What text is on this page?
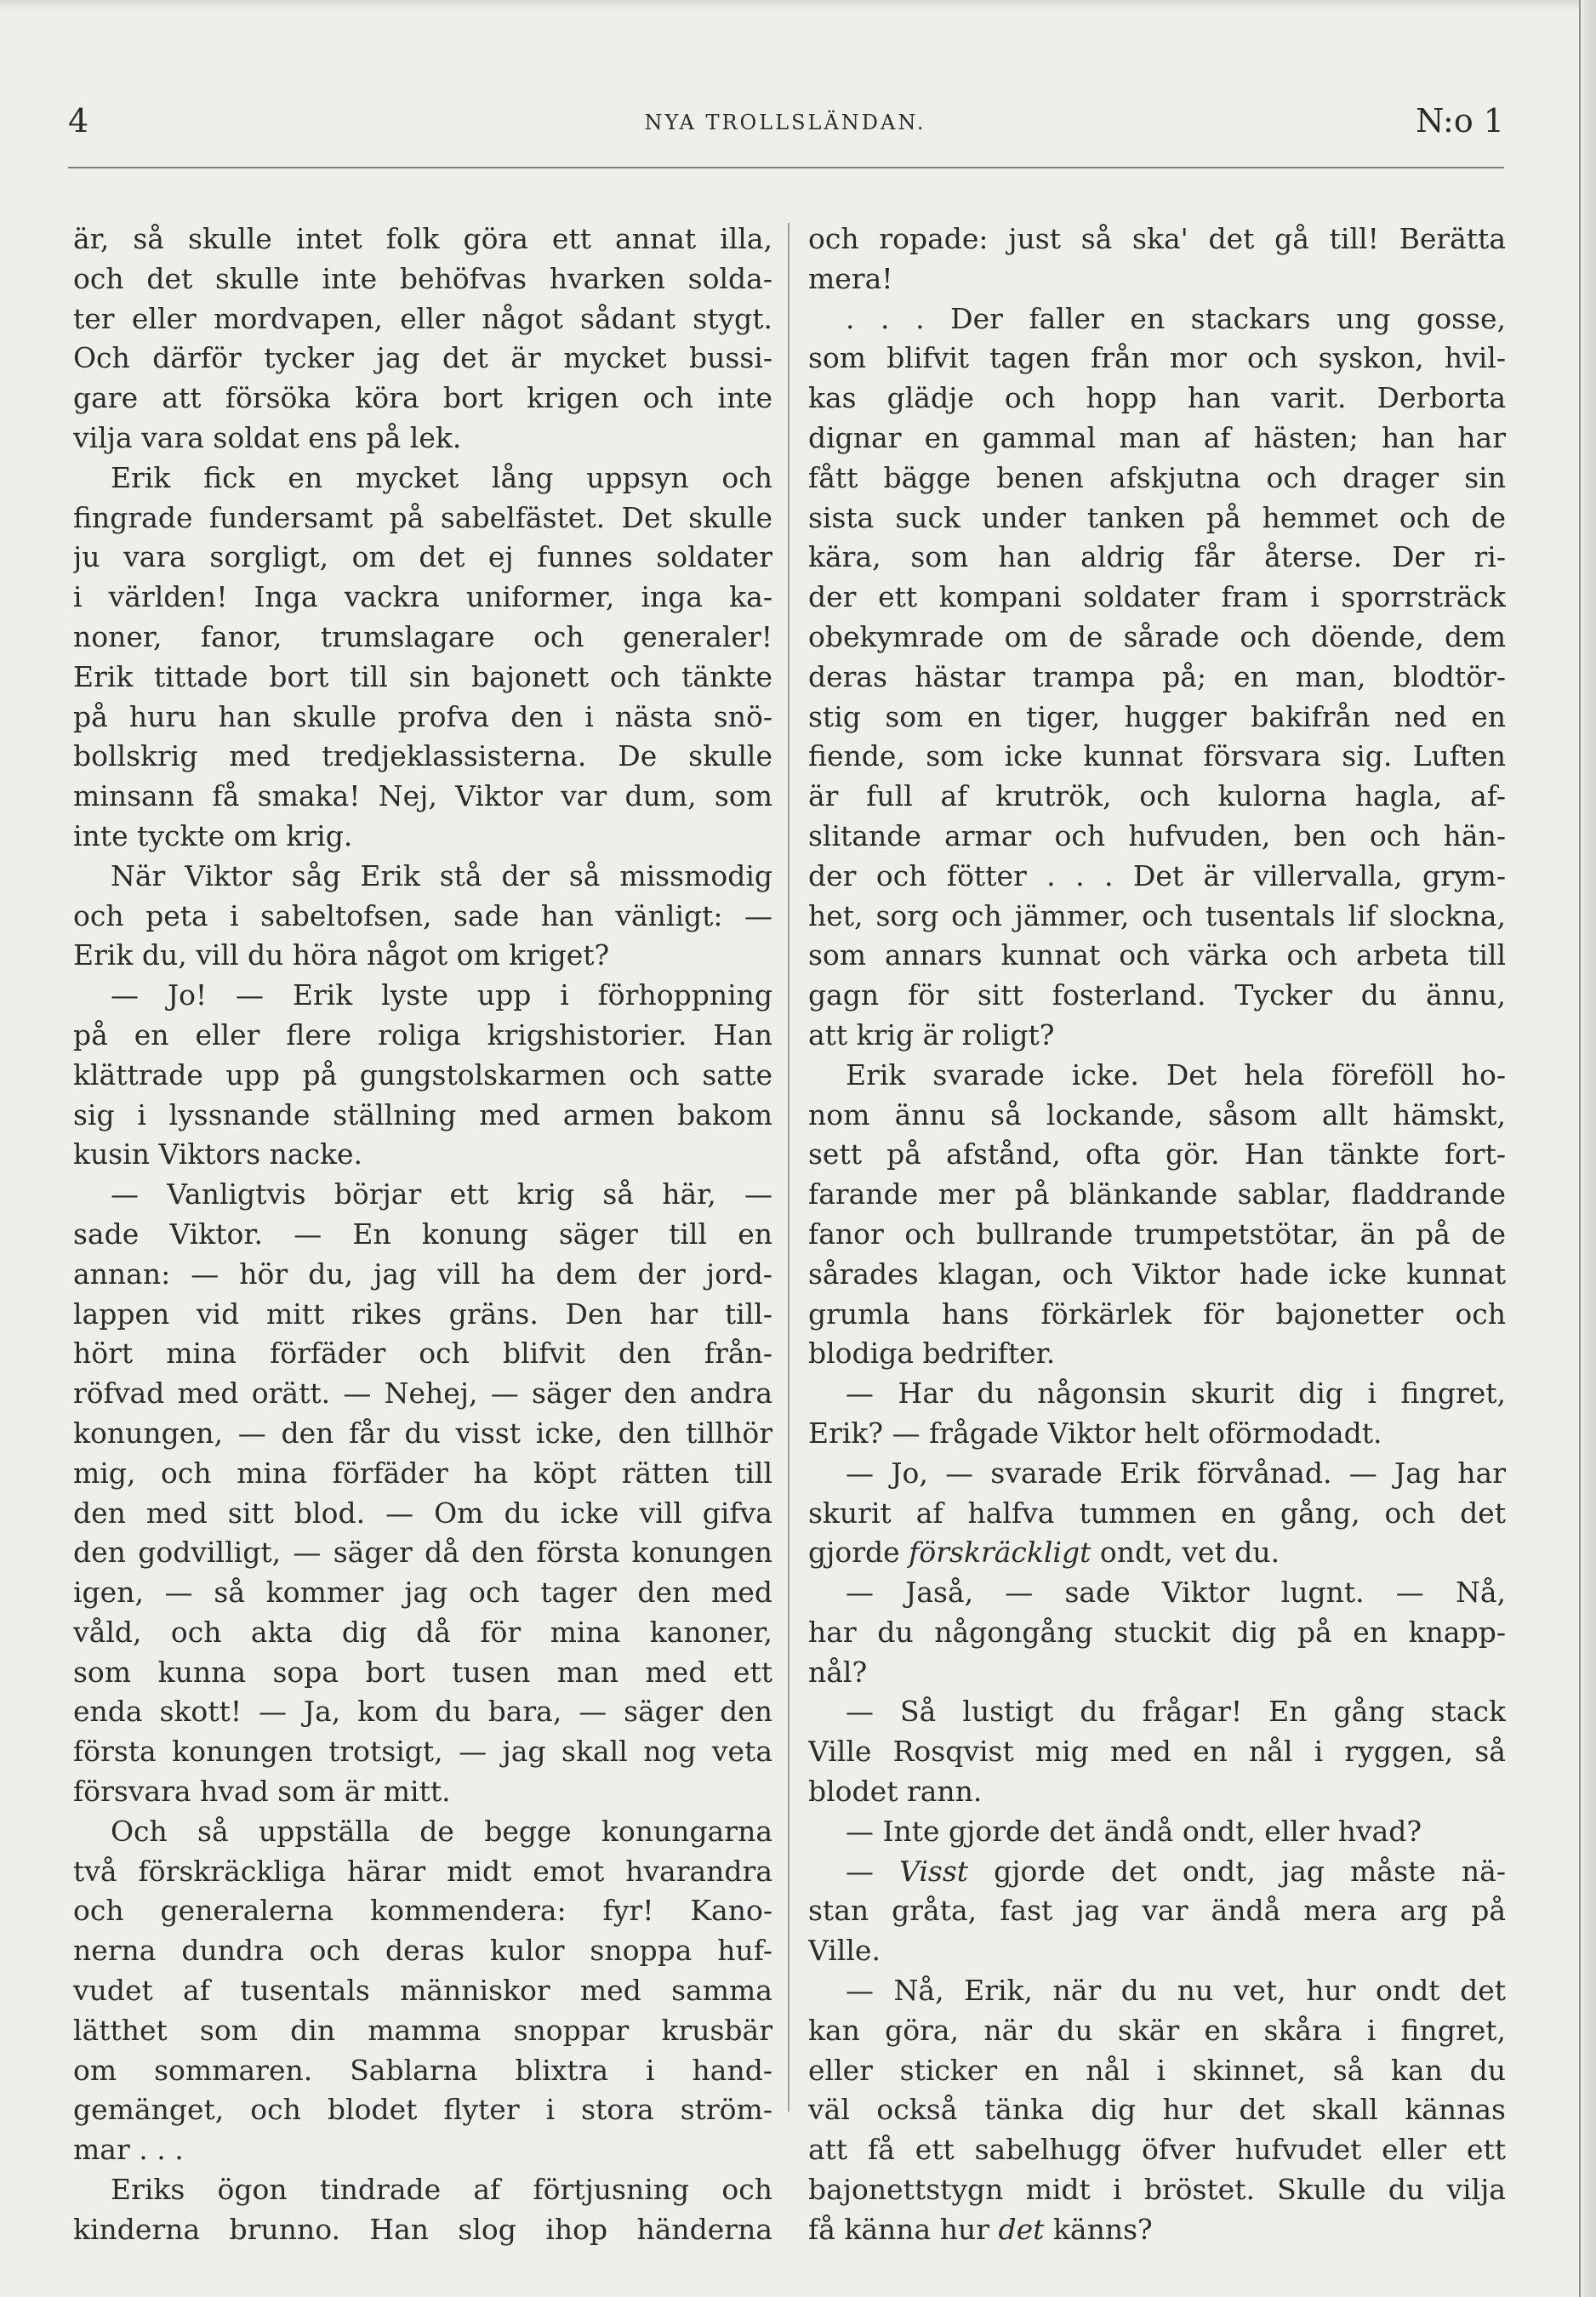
4	NYA TROLLSLÄNDAN.	N:o 1
är, så skulle intet folk göra ett annat illa,
och det skulle inte behöfvas hvarken solda-
ter eller mordvapen, eller något sådant stygt.
Och därför tycker jag det är mycket bussi-
gare att försöka köra bort krigen och inte
vilja vara soldat ens på lek.
Erik fick en mycket lång uppsyn och
fingrade fundersamt på sabelfästet. Det skulle
ju vara sorgligt, om det ej funnes soldater
i världen! Inga vackra uniformer, inga ka-
noner, fanor, trumslagare och generaler!
Erik tittade bort till sin bajonett och tänkte
på huru han skulle profva den i nästa snö-
bollskrig med tredjeklassisterna. De skulle
minsann få smaka! Nej, Viktor var dum, som
inte tyckte om krig.
När Viktor såg Erik stå der så missmodig
och peta i sabeltofsen, sade han vänligt: —
Erik du, vill du höra något om kriget?
— Jo! — Erik lyste upp i förhoppning
på en eller flere roliga krigshistorier. Han
klättrade upp på gungstolskarmen och satte
sig i lyssnande ställning med armen bakom
kusin Viktors nacke.
— Vanligtvis börjar ett krig så här, —
sade Viktor. — En konung säger till en
annan: — hör du, jag vill ha dem der jord-
lappen vid mitt rikes gräns. Den har till-
hört mina förfäder och blifvit den från-
röfvad med orätt. — Nehej, — säger den andra
konungen, — den får du visst icke, den tillhör
mig, och mina förfäder ha köpt rätten till
den med sitt blod. — Om du icke vill gifva
den godvilligt, — säger då den första konungen
igen, — så kommer jag och tager den med
våld, och akta dig då för mina kanoner,
som kunna sopa bort tusen man med ett
enda skott! — Ja, kom du bara, — säger den
första konungen trotsigt, — jag skall nog veta
försvara hvad som är mitt.
Och så uppställa de begge konungarna
två förskräckliga härar midt emot hvarandra
och generalerna kommendera: fyr! Kano-
nerna dundra och deras kulor snoppa huf-
vudet af tusentals människor med samma
lätthet som din mamma snoppar krusbär
om sommaren. Sablarna blixtra i hand-
gemänget, och blodet flyter i stora ström-
mar . . .
Eriks ögon tindrade af förtjusning och
kinderna brunno. Han slog ihop händerna
och ropade: just så ska' det gå till! Berätta
mera!
. . . Der faller en stackars ung gosse,
som blifvit tagen från mor och syskon, hvil-
kas glädje och hopp han varit. Derborta
dignar en gammal man af hästen; han har
fått bägge benen afskjutna och drager sin
sista suck under tanken på hemmet och de
kära, som han aldrig får återse. Der ri-
der ett kompani soldater fram i sporrsträck
obekymrade om de sårade och döende, dem
deras hästar trampa på; en man, blodtör-
stig som en tiger, hugger bakifrån ned en
fiende, som icke kunnat försvara sig. Luften
är full af krutrök, och kulorna hagla, af-
slitande armar och hufvuden, ben och hän-
der och fötter . . . Det är villervalla, grym-
het, sorg och jämmer, och tusentals lif slockna,
som annars kunnat och värka och arbeta till
gagn för sitt fosterland. Tycker du ännu,
att krig är roligt?
Erik svarade icke. Det hela föreföll ho-
nom ännu så lockande, såsom allt hämskt,
sett på afstånd, ofta gör. Han tänkte fort-
farande mer på blänkande sablar, fladdrande
fanor och bullrande trumpetstötar, än på de
sårades klagan, och Viktor hade icke kunnat
grumla hans förkärlek för bajonetter och
blodiga bedrifter.
— Har du någonsin skurit dig i fingret,
Erik? — frågade Viktor helt oförmodadt.
— Jo, — svarade Erik förvånad. — Jag har
skurit af halfva tummen en gång, och det
gjorde förskräckligt ondt, vet du.
— Jaså, — sade Viktor lugnt. — Nå,
har du någongång stuckit dig på en knapp-
nål?
— Så lustigt du frågar! En gång stack
Ville Rosqvist mig med en nål i ryggen, så
blodet rann.
— Inte gjorde det ändå ondt, eller hvad?
— Visst gjorde det ondt, jag måste nä-
stan gråta, fast jag var ändå mera arg på
Ville.
— Nå, Erik, när du nu vet, hur ondt det
kan göra, när du skär en skåra i fingret,
eller sticker en nål i skinnet, så kan du
väl också tänka dig hur det skall kännas
att få ett sabelhugg öfver hufvudet eller ett
bajonettstygn midt i bröstet. Skulle du vilja
få känna hur det känns?
